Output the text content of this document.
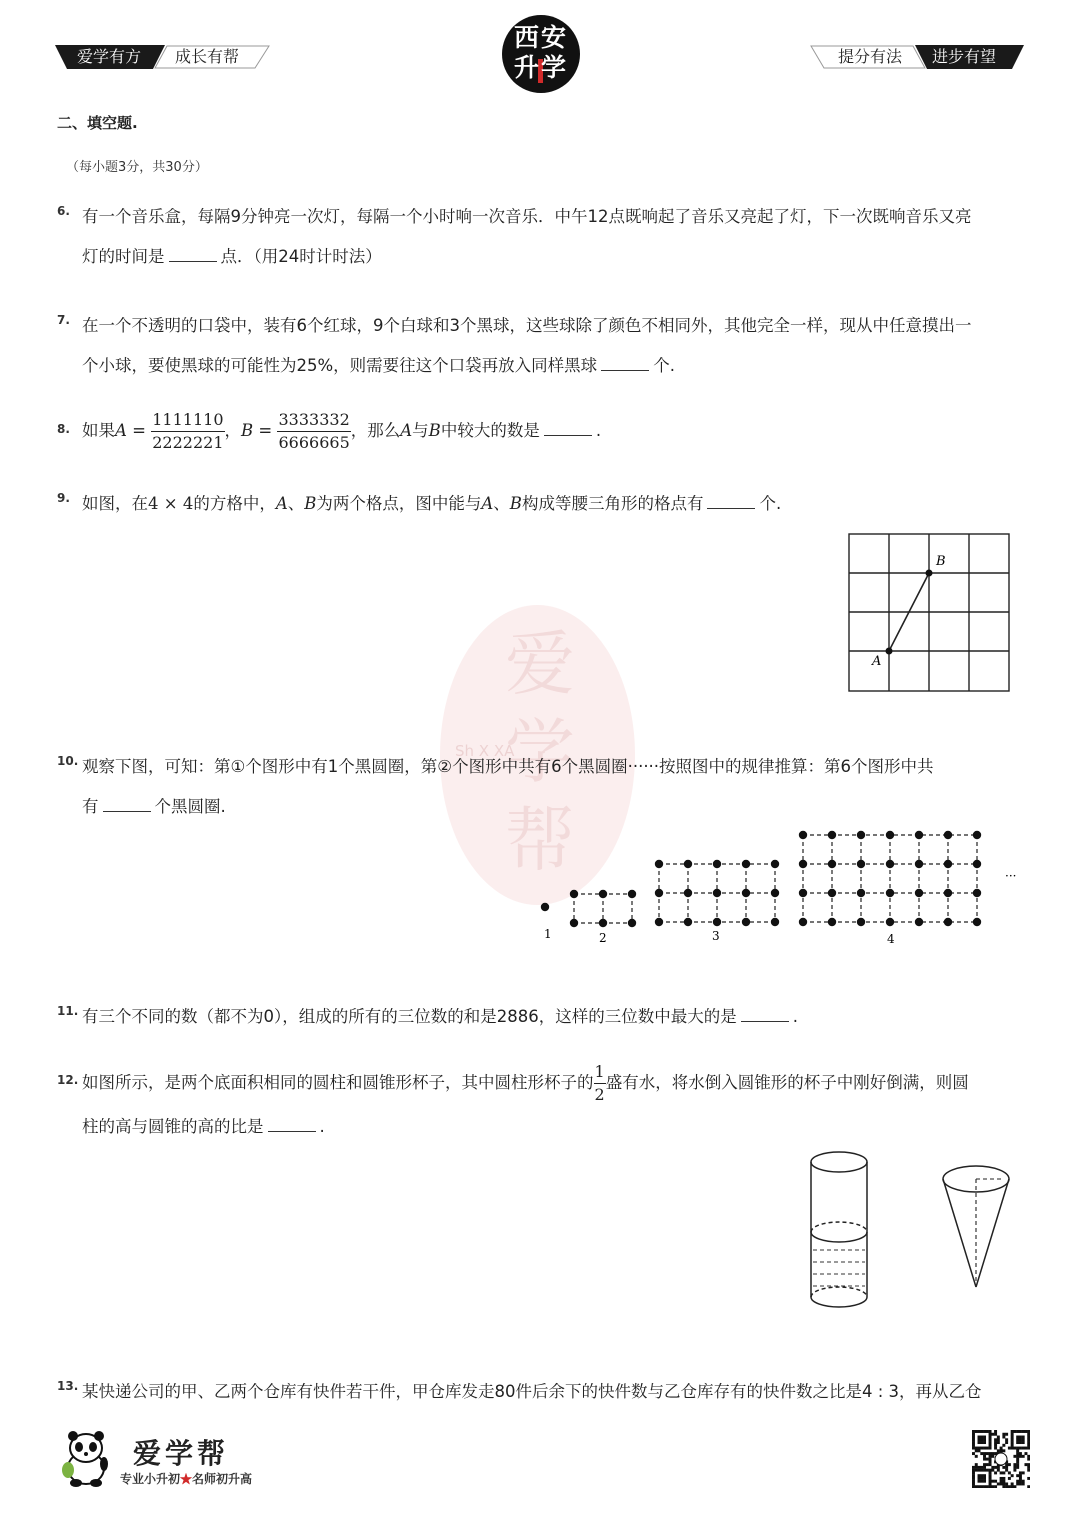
爱学有方 成长有帮
西安
升学	提分有法 进步有望
爱学帮
Sh X XA
二、填空题.
（每小题3分，共30分）
6. 有一个音乐盒，每隔9分钟亮一次灯，每隔一个小时响一次音乐．中午12点既响起了音乐又亮起了灯，下一次既响音乐又亮
灯的时间是	点．（用24时计时法）
7. 在一个不透明的口袋中，装有6个红球，9个白球和3个黑球，这些球除了颜色不相同外，其他完全一样，现从中任意摸出一
个小球，要使黑球的可能性为25%，则需要往这个口袋再放入同样黑球	个.
8. 如果$A = \frac{1111110}{2222221}$ ，$B = \frac{3333332}{6666665}$ ，那么A与B中较大的数是	.
9. 如图，在4 × 4的方格中，A、B为两个格点，图中能与A、B构成等腰三角形的格点有	个.
A
B
10. 观察下图，可知：第①个图形中有1个黑圆圈，第②个图形中共有6个黑圆圈······按照图中的规律推算：第6个图形中共
有	个黑圆圈.
1	2	3	4
···
11. 有三个不同的数（都不为0），组成的所有的三位数的和是2886，这样的三位数中最大的是	.
12. 如图所示，是两个底面积相同的圆柱和圆锥形杯子，其中圆柱形杯子的 $\frac{1}{2}$ 盛有水，将水倒入圆锥形的杯子中刚好倒满，则圆
柱的高与圆锥的高的比是	.
13. 某快递公司的甲、乙两个仓库有快件若干件，甲仓库发走80件后余下的快件数与乙仓库存有的快件数之比是4 : 3，再从乙仓
爱学帮
专业小升初★名师初升高
